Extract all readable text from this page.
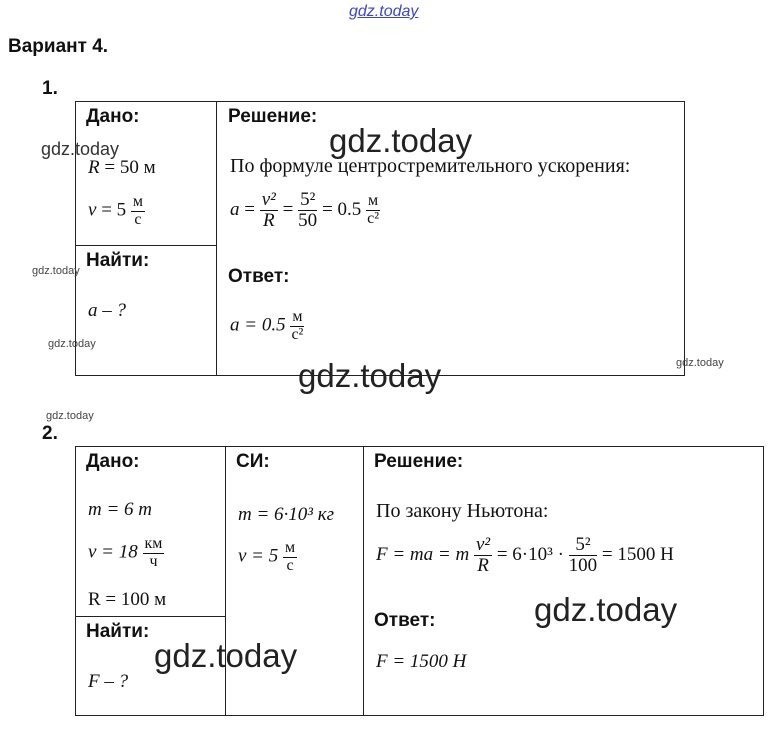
gdz.today
Вариант 4.
1.
Дано:
R = 50 м
$v = 5 \frac{м}{с}$
Найти:
a – ?
Решение:
По формуле центростремительного ускорения:
$a = \frac{\text{v²}}{R} = \frac{\text{5²}}{50} = 0.5 \frac{м}{\text{с²}}$
Ответ:
$a = 0.5 \frac{м}{\text{с²}}$
2.
Дано:
m = 6 т
$v = 18 \frac{км}{ч}$
R = 100 м
Найти:
F – ?
СИ:
m = 6·10³ кг
$v = 5 \frac{м}{с}$
Решение:
По закону Ньютона:
F = ma = m $\frac{\text{v²}}{R} = 6\cdot 10^3 \cdot \frac{\text{5²}}{100} = 1500$ Н
Ответ:
F = 1500 Н
gdz.today	gdz.today
gdz.today
gdz.today
gdz.today	gdz.today
gdz.today
gdz.today
gdz.today
